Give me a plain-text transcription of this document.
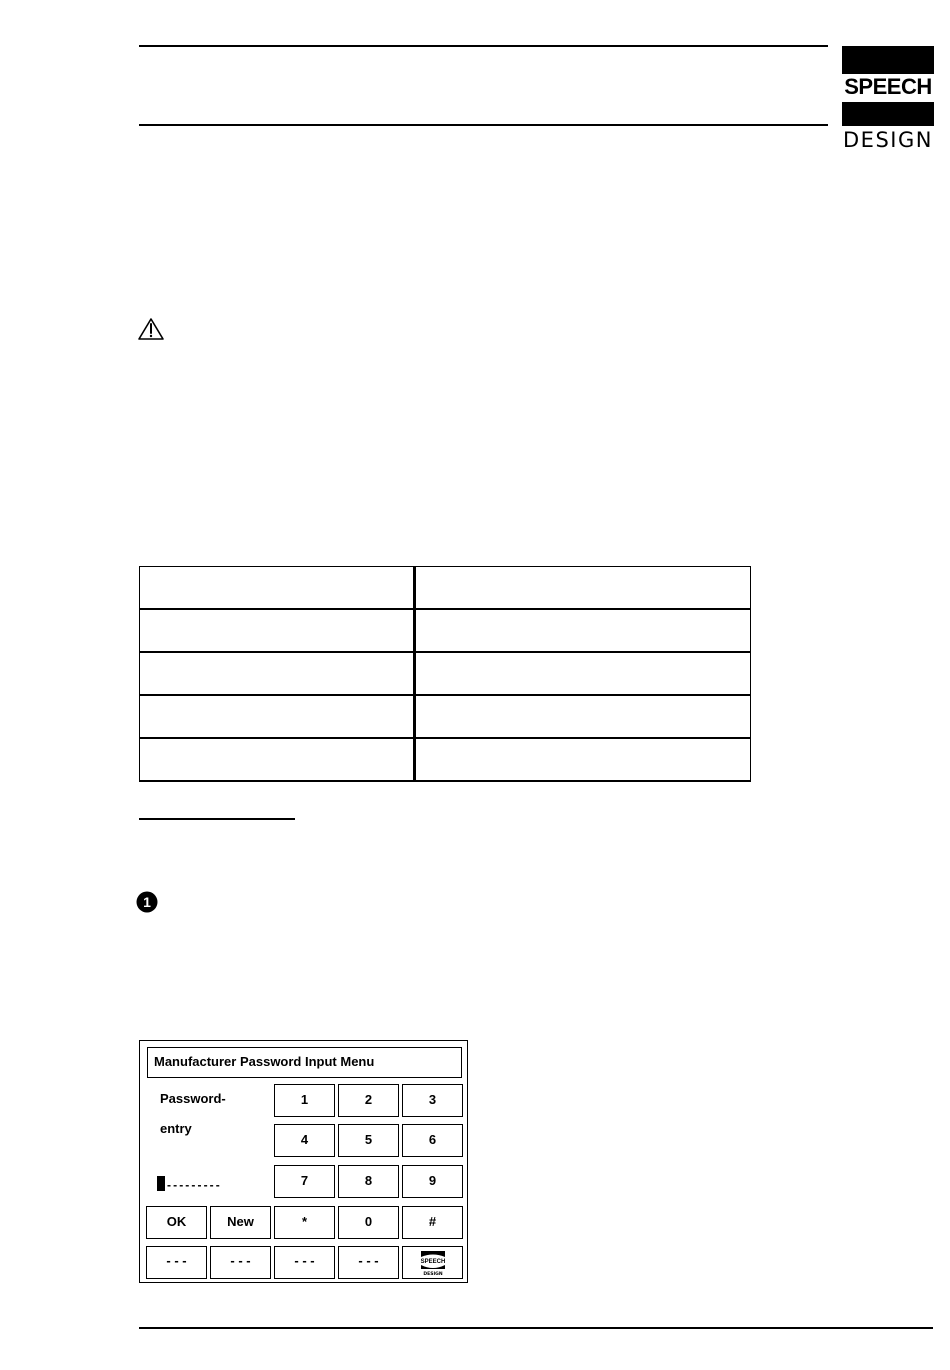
SPEECH
DESIGN

1
Manufacturer Password Input Menu
Password-
entry
---------
1	2	3
4	5	6
7	8	9
OK	New	*	0	#
- - -	- - -	- - -	- - -	SPEECH
DESIGN
